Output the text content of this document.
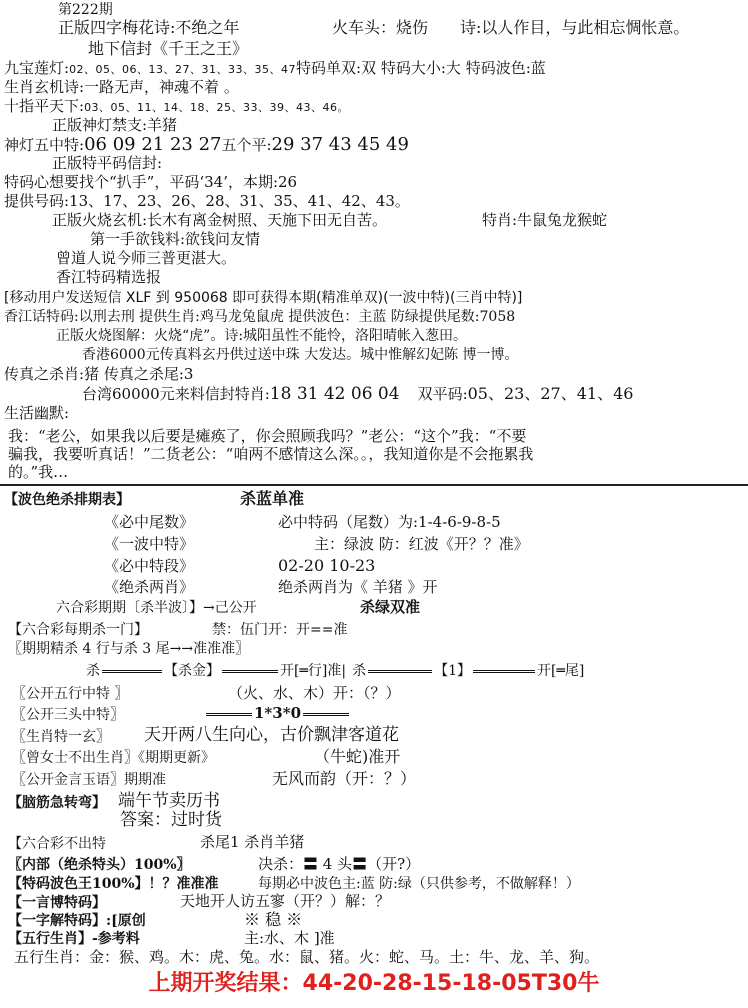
第222期
正版四字梅花诗:不绝之年	火车头：烧伤 诗:以人作目，与此相忘惆怅意。
地下信封《千王之王》
九宝莲灯:02、05、06、13、27、31、33、35、47特码单双:双 特码大小:大 特码波色:蓝
生肖玄机诗:一路无声，神魂不着 。
十指平天下:03、05、11、14、18、25、33、39、43、46。
正版神灯禁支:羊猪
神灯五中特:06 09 21 23 27五个平:29 37 43 45 49
正版特平码信封:
特码心想要找个“扒手”，平码‘34’，本期:26
提供号码:13、17、23、26、28、31、35、41、42、43。
正版火烧玄机:长木有离金树照、天施下田无自苦。	特肖:牛鼠兔龙猴蛇
第一手欲钱料:欲钱问友情
曾道人说今师三普更湛大。
香江特码精选报
[移动用户发送短信 XLF 到 950068 即可获得本期(精准单双)(一波中特)(三肖中特)]
香江话特码:以刑去刑 提供生肖:鸡马龙兔鼠虎 提供波色：主蓝 防绿提供尾数:7058
正版火烧图解：火烧“虎”。诗:城阳虽性不能怜，洛阳晴帐入葱田。
香港6000元传真料玄丹供过送中珠 大发达。城中惟解幻妃陈 博一博。
传真之杀肖:猪 传真之杀尾:3
台湾60000元来料信封特肖:18 31 42 06 04 双平码:05、23、27、41、46
生活幽默:
我：“老公，如果我以后要是瘫痪了，你会照顾我吗？”老公：“这个”我：“不要
骗我，我要听真话！”二货老公：“咱两不感情这么深。。，我知道你是不会拖累我
的。”我…
【波色绝杀排期表】	杀蓝单准
《必中尾数》	必中特码（尾数）为:1-4-6-9-8-5
《一波中特》	主：绿波 防：红波《开？？准》
《必中特段》	02-20 10-23
《绝杀两肖》	绝杀两肖为《 羊猪 》开
六合彩期期〔杀半波〕】→己公开	杀绿双准
【六合彩每期杀一门】	禁：伍门开：开==准
〖期期精杀 4 行与杀 3 尾→→准准准〗
杀	【杀金】	开[═行]准| 杀	【1】	开[═尾]
〖公开五行中特 〗	（火、水、木）开：（？）
〖公开三头中特〗	1*3*0
〖生肖特一玄〗 天开两八生向心，古价飘津客道花
〖曾女士不出生肖〗《期期更新》	（牛蛇)准开
〖公开金言玉语〗期期准	无风而韵（开：？）
【脑筋急转弯】 端午节卖历书
答案：过时货
【六合彩不出特	杀尾1 杀肖羊猪
〖内部（绝杀特头）100%〗	决杀：〓 4 头〓（开?）
【特码波色王100%】！？准准准	每期必中波色主:蓝 防:绿（只供参考，不做解释！）
【一言博特码】	天地开人访五寥（开？）解：？
【一字解特码】:[原创	※ 稳 ※
【五行生肖】-参考料	主:水、木 ]准
五行生肖：金：猴、鸡。木：虎、兔。水：鼠、猪。火：蛇、马。土：牛、龙、羊、狗。
上期开奖结果：44-20-28-15-18-05T30牛
